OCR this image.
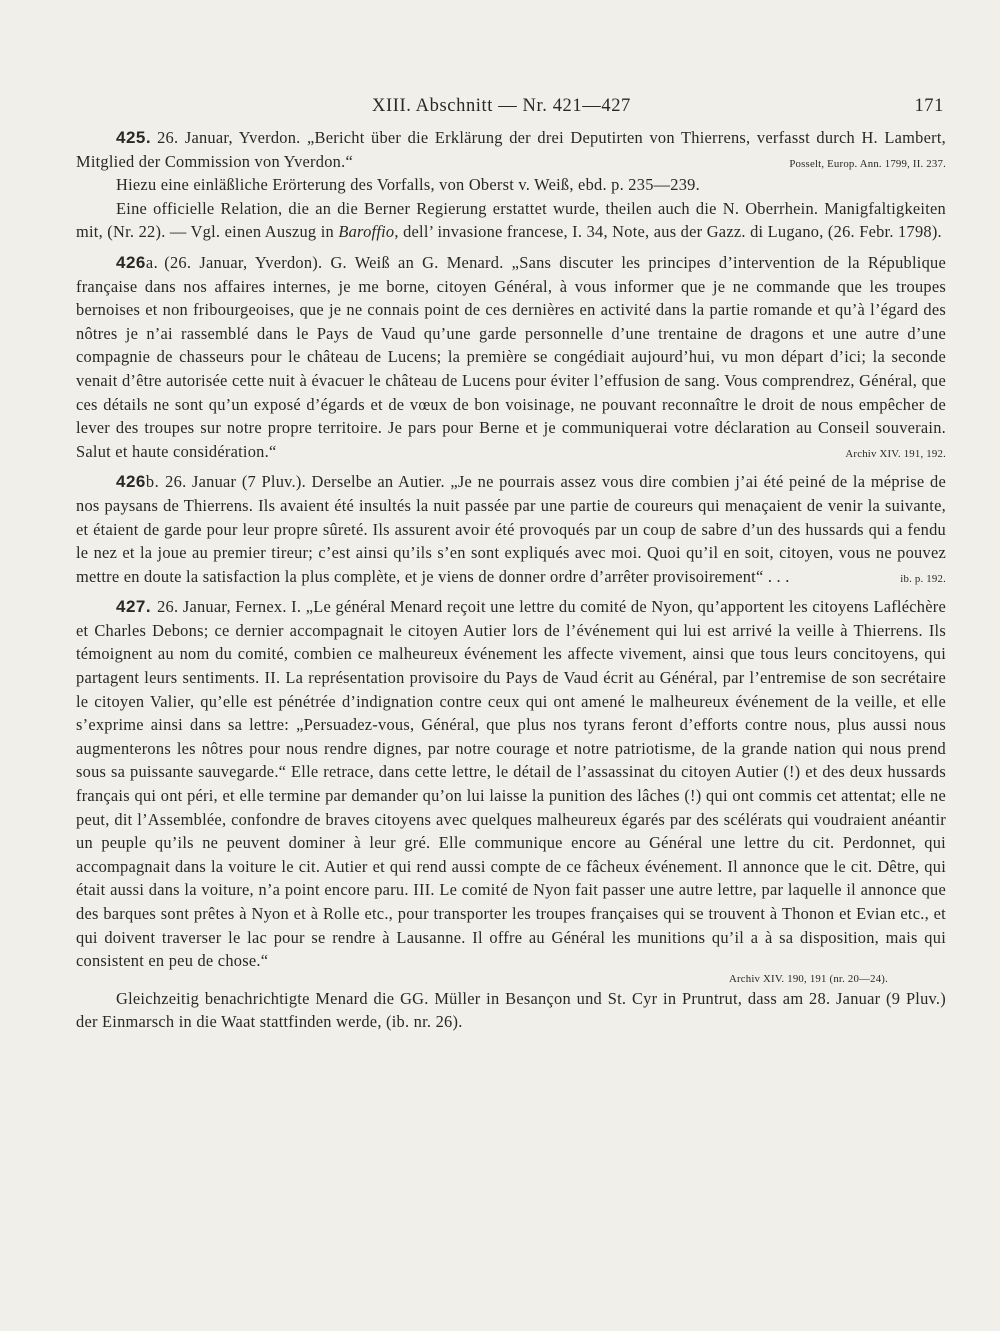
XIII. Abschnitt — Nr. 421—427	171

425. 26. Januar, Yverdon. „Bericht über die Erklärung der drei Deputirten von Thierrens, verfasst durch H. Lambert, Mitglied der Commission von Yverdon.“	Posselt, Europ. Ann. 1799, II. 237.

Hiezu eine einläßliche Erörterung des Vorfalls, von Oberst v. Weiß, ebd. p. 235—239.

Eine officielle Relation, die an die Berner Regierung erstattet wurde, theilen auch die N. Oberrhein. Manigfaltigkeiten mit, (Nr. 22). — Vgl. einen Auszug in Baroffio, dell’ invasione francese, I. 34, Note, aus der Gazz. di Lugano, (26. Febr. 1798).

426a. (26. Januar, Yverdon). G. Weiß an G. Menard. „Sans discuter les principes d’intervention de la République française dans nos affaires internes, je me borne, citoyen Général, à vous informer que je ne commande que les troupes bernoises et non fribourgeoises, que je ne connais point de ces dernières en activité dans la partie romande et qu’à l’égard des nôtres je n’ai rassemblé dans le Pays de Vaud qu’une garde personnelle d’une trentaine de dragons et une autre d’une compagnie de chasseurs pour le château de Lucens; la première se congédiait aujourd’hui, vu mon départ d’ici; la seconde venait d’être autorisée cette nuit à évacuer le château de Lucens pour éviter l’effusion de sang. Vous comprendrez, Général, que ces détails ne sont qu’un exposé d’égards et de vœux de bon voisinage, ne pouvant reconnaître le droit de nous empêcher de lever des troupes sur notre propre territoire. Je pars pour Berne et je communiquerai votre déclaration au Conseil souverain. Salut et haute considération.“	Archiv XIV. 191, 192.

426b. 26. Januar (7 Pluv.). Derselbe an Autier. „Je ne pourrais assez vous dire combien j’ai été peiné de la méprise de nos paysans de Thierrens. Ils avaient été insultés la nuit passée par une partie de coureurs qui menaçaient de venir la suivante, et étaient de garde pour leur propre sûreté. Ils assurent avoir été provoqués par un coup de sabre d’un des hussards qui a fendu le nez et la joue au premier tireur; c’est ainsi qu’ils s’en sont expliqués avec moi. Quoi qu’il en soit, citoyen, vous ne pouvez mettre en doute la satisfaction la plus complète, et je viens de donner ordre d’arrêter provisoirement“ . . .	ib. p. 192.

427. 26. Januar, Fernex. I. „Le général Menard reçoit une lettre du comité de Nyon, qu’apportent les citoyens Lafléchère et Charles Debons; ce dernier accompagnait le citoyen Autier lors de l’événement qui lui est arrivé la veille à Thierrens. Ils témoignent au nom du comité, combien ce malheureux événement les affecte vivement, ainsi que tous leurs concitoyens, qui partagent leurs sentiments. II. La représentation provisoire du Pays de Vaud écrit au Général, par l’entremise de son secrétaire le citoyen Valier, qu’elle est pénétrée d’indignation contre ceux qui ont amené le malheureux événement de la veille, et elle s’exprime ainsi dans sa lettre: „Persuadez-vous, Général, que plus nos tyrans feront d’efforts contre nous, plus aussi nous augmenterons les nôtres pour nous rendre dignes, par notre courage et notre patriotisme, de la grande nation qui nous prend sous sa puissante sauvegarde.“ Elle retrace, dans cette lettre, le détail de l’assassinat du citoyen Autier (!) et des deux hussards français qui ont péri, et elle termine par demander qu’on lui laisse la punition des lâches (!) qui ont commis cet attentat; elle ne peut, dit l’Assemblée, confondre de braves citoyens avec quelques malheureux égarés par des scélérats qui voudraient anéantir un peuple qu’ils ne peuvent dominer à leur gré. Elle communique encore au Général une lettre du cit. Perdonnet, qui accompagnait dans la voiture le cit. Autier et qui rend aussi compte de ce fâcheux événement. Il annonce que le cit. Dêtre, qui était aussi dans la voiture, n’a point encore paru. III. Le comité de Nyon fait passer une autre lettre, par laquelle il annonce que des barques sont prêtes à Nyon et à Rolle etc., pour transporter les troupes françaises qui se trouvent à Thonon et Evian etc., et qui doivent traverser le lac pour se rendre à Lausanne. Il offre au Général les munitions qu’il a à sa disposition, mais qui consistent en peu de chose.“

Archiv XIV. 190, 191 (nr. 20—24).

Gleichzeitig benachrichtigte Menard die GG. Müller in Besançon und St. Cyr in Pruntrut, dass am 28. Januar (9 Pluv.) der Einmarsch in die Waat stattfinden werde, (ib. nr. 26).
